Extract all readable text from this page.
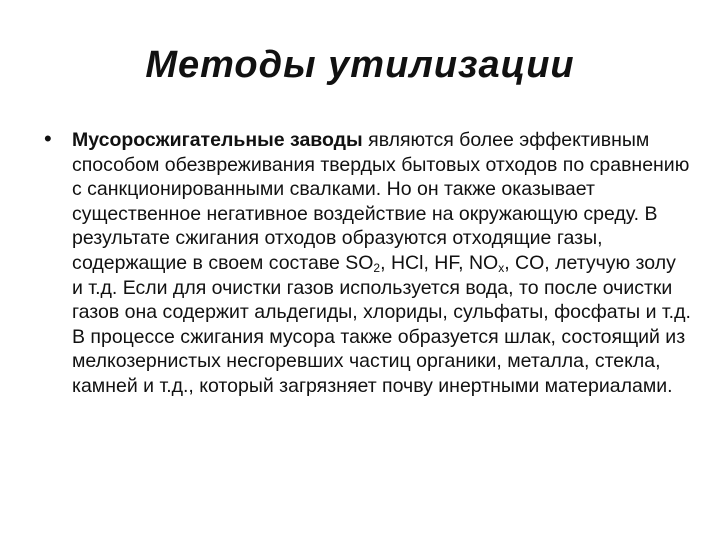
Методы утилизации
• Мусоросжигательные заводы являются более эффективным способом обезвреживания твердых бытовых отходов по сравнению с санкционированными свалками. Но он также оказывает существенное негативное воздействие на окружающую среду. В результате сжигания отходов образуются отходящие газы, содержащие в своем составе $SO_2$, HCl, HF, $NO_x$, CO, летучую золу и т.д. Если для очистки газов используется вода, то после очистки газов она содержит альдегиды, хлориды, сульфаты, фосфаты и т.д. В процессе сжигания мусора также образуется шлак, состоящий из мелкозернистых несгоревших частиц органики, металла, стекла, камней и т.д., который загрязняет почву инертными материалами.
